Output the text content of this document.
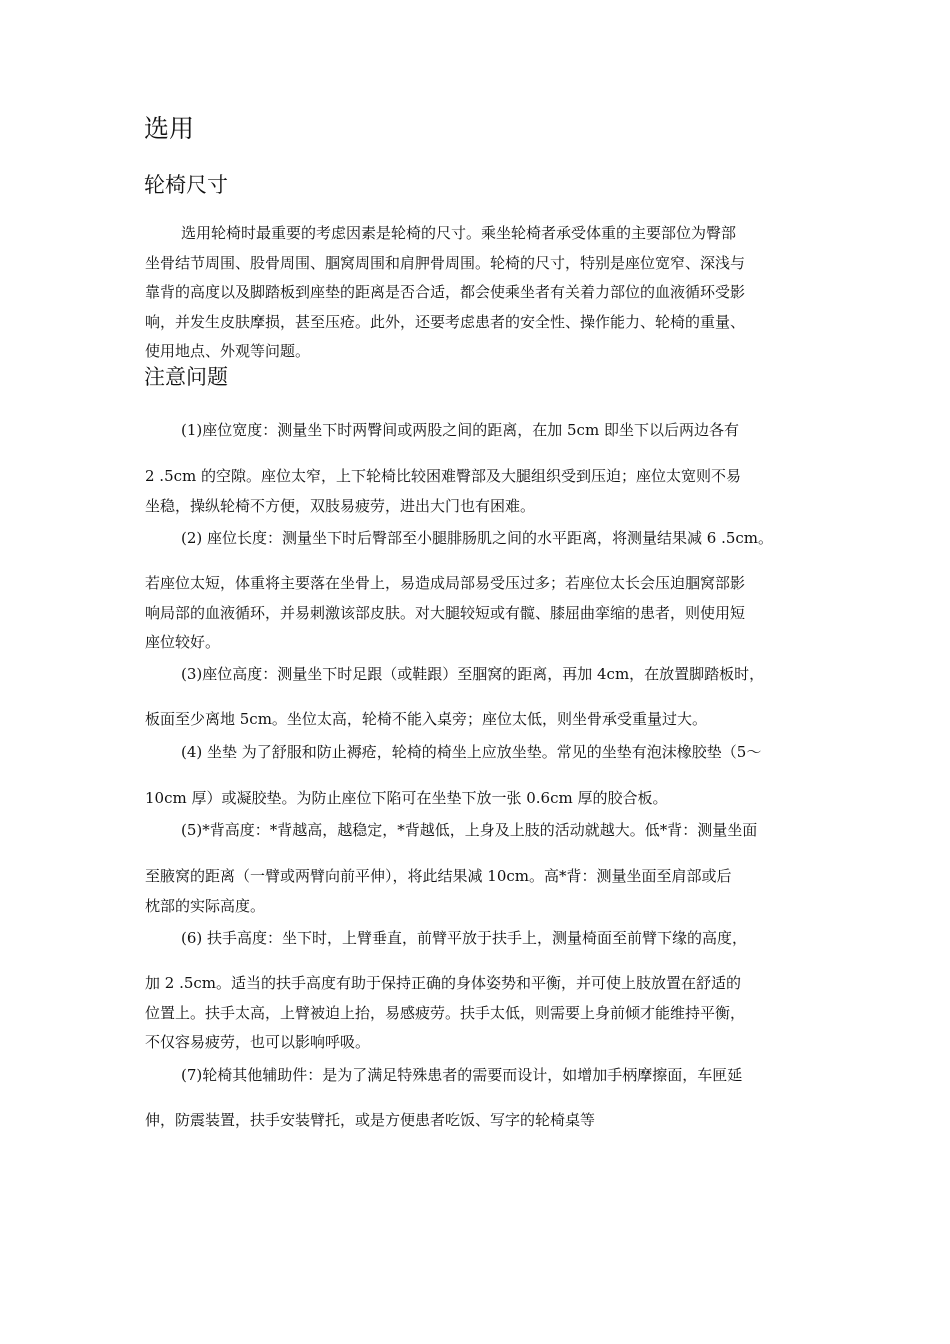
选用
轮椅尺寸
选用轮椅时最重要的考虑因素是轮椅的尺寸。乘坐轮椅者承受体重的主要部位为臀部
坐骨结节周围、股骨周围、腘窝周围和肩胛骨周围。轮椅的尺寸，特别是座位宽窄、深浅与
靠背的高度以及脚踏板到座垫的距离是否合适，都会使乘坐者有关着力部位的血液循环受影
响，并发生皮肤摩损，甚至压疮。此外，还要考虑患者的安全性、操作能力、轮椅的重量、
使用地点、外观等问题。
注意问题
(1)座位宽度：测量坐下时两臀间或两股之间的距离，在加 5cm 即坐下以后两边各有
2 .5cm 的空隙。座位太窄，上下轮椅比较困难臀部及大腿组织受到压迫；座位太宽则不易
坐稳，操纵轮椅不方便，双肢易疲劳，进出大门也有困难。
(2) 座位长度：测量坐下时后臀部至小腿腓肠肌之间的水平距离，将测量结果减 6 .5cm。
若座位太短，体重将主要落在坐骨上，易造成局部易受压过多；若座位太长会压迫腘窝部影
响局部的血液循环，并易刺激该部皮肤。对大腿较短或有髋、膝屈曲挛缩的患者，则使用短
座位较好。
(3)座位高度：测量坐下时足跟（或鞋跟）至腘窝的距离，再加 4cm，在放置脚踏板时，
板面至少离地 5cm。坐位太高，轮椅不能入桌旁；座位太低，则坐骨承受重量过大。
(4) 坐垫 为了舒服和防止褥疮，轮椅的椅坐上应放坐垫。常见的坐垫有泡沫橡胶垫（5～
10cm 厚）或凝胶垫。为防止座位下陷可在坐垫下放一张 0.6cm 厚的胶合板。
(5)*背高度：*背越高，越稳定，*背越低，上身及上肢的活动就越大。低*背：测量坐面
至腋窝的距离（一臂或两臂向前平伸），将此结果减 10cm。高*背：测量坐面至肩部或后
枕部的实际高度。
(6) 扶手高度：坐下时，上臂垂直，前臂平放于扶手上，测量椅面至前臂下缘的高度，
加 2 .5cm。适当的扶手高度有助于保持正确的身体姿势和平衡，并可使上肢放置在舒适的
位置上。扶手太高，上臂被迫上抬，易感疲劳。扶手太低，则需要上身前倾才能维持平衡，
不仅容易疲劳，也可以影响呼吸。
(7)轮椅其他辅助件：是为了满足特殊患者的需要而设计，如增加手柄摩擦面，车匣延
伸，防震装置，扶手安装臂托，或是方便患者吃饭、写字的轮椅桌等
